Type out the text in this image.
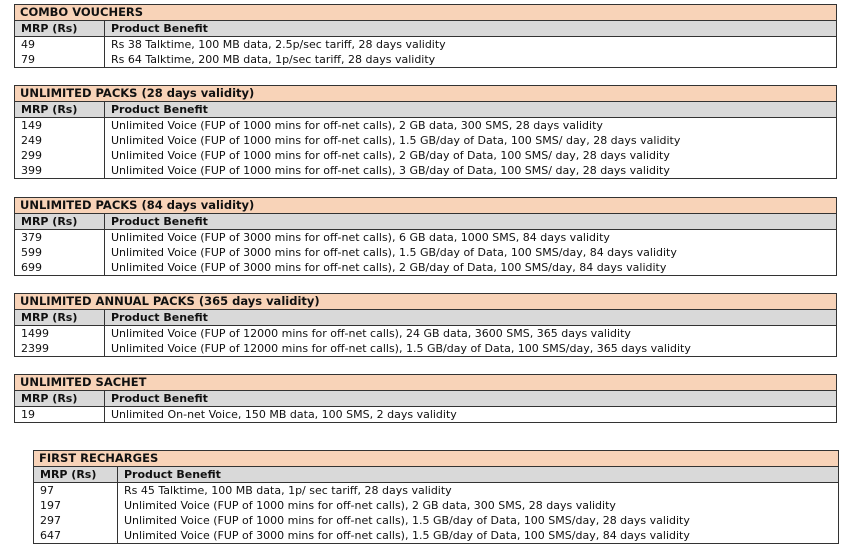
COMBO VOUCHERS
MRP (Rs)	Product Benefit
49	Rs 38 Talktime, 100 MB data, 2.5p/sec tariff, 28 days validity
79	Rs 64 Talktime, 200 MB data, 1p/sec tariff, 28 days validity
UNLIMITED PACKS (28 days validity)
MRP (Rs)	Product Benefit
149	Unlimited Voice (FUP of 1000 mins for off-net calls), 2 GB data, 300 SMS, 28 days validity
249	Unlimited Voice (FUP of 1000 mins for off-net calls), 1.5 GB/day of Data, 100 SMS/ day, 28 days validity
299	Unlimited Voice (FUP of 1000 mins for off-net calls), 2 GB/day of Data, 100 SMS/ day, 28 days validity
399	Unlimited Voice (FUP of 1000 mins for off-net calls), 3 GB/day of Data, 100 SMS/ day, 28 days validity
UNLIMITED PACKS (84 days validity)
MRP (Rs)	Product Benefit
379	Unlimited Voice (FUP of 3000 mins for off-net calls), 6 GB data, 1000 SMS, 84 days validity
599	Unlimited Voice (FUP of 3000 mins for off-net calls), 1.5 GB/day of Data, 100 SMS/day, 84 days validity
699	Unlimited Voice (FUP of 3000 mins for off-net calls), 2 GB/day of Data, 100 SMS/day, 84 days validity
UNLIMITED ANNUAL PACKS (365 days validity)
MRP (Rs)	Product Benefit
1499	Unlimited Voice (FUP of 12000 mins for off-net calls), 24 GB data, 3600 SMS, 365 days validity
2399	Unlimited Voice (FUP of 12000 mins for off-net calls), 1.5 GB/day of Data, 100 SMS/day, 365 days validity
UNLIMITED SACHET
MRP (Rs)	Product Benefit
19	Unlimited On-net Voice, 150 MB data, 100 SMS, 2 days validity
FIRST RECHARGES
MRP (Rs)	Product Benefit
97	Rs 45 Talktime, 100 MB data, 1p/ sec tariff, 28 days validity
197	Unlimited Voice (FUP of 1000 mins for off-net calls), 2 GB data, 300 SMS, 28 days validity
297	Unlimited Voice (FUP of 1000 mins for off-net calls), 1.5 GB/day of Data, 100 SMS/day, 28 days validity
647	Unlimited Voice (FUP of 3000 mins for off-net calls), 1.5 GB/day of Data, 100 SMS/day, 84 days validity
